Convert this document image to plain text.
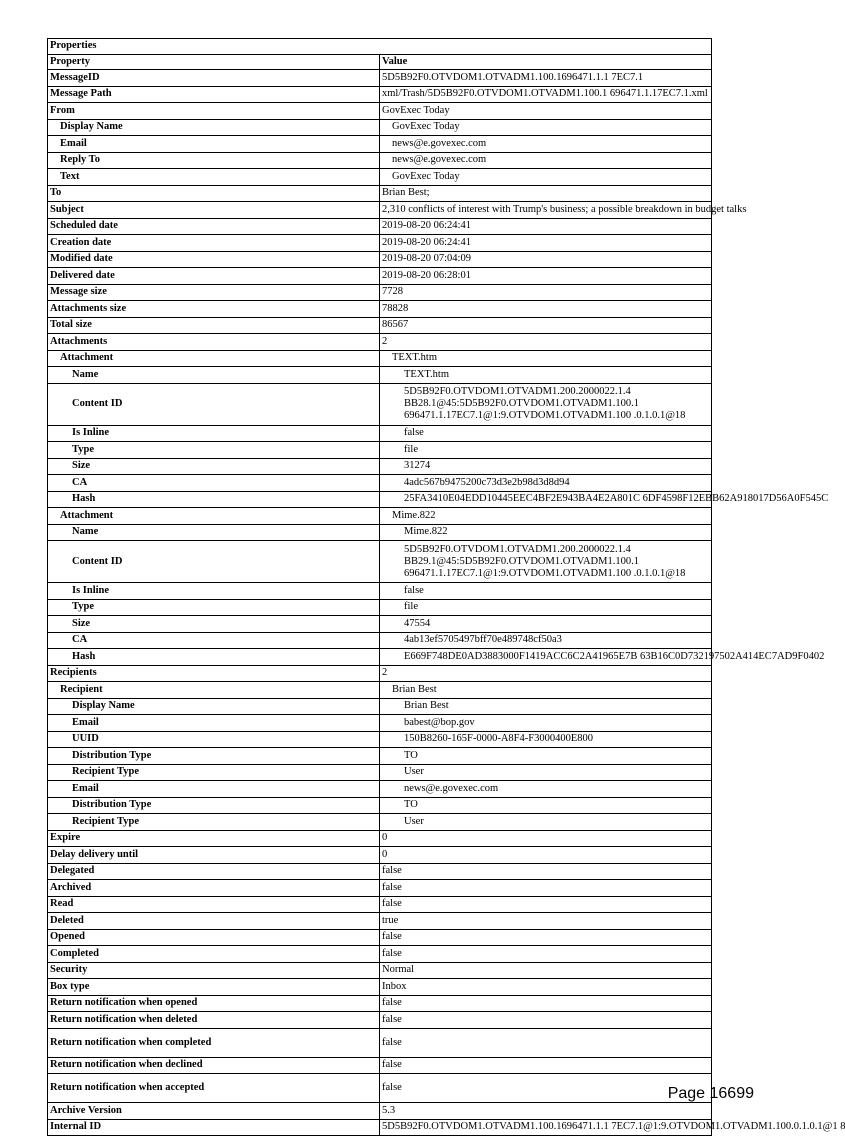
Properties	
Property	Value
MessageID	5D5B92F0.OTVDOM1.OTVADM1.100.1696471.1.1 7EC7.1
Message Path	xml/Trash/5D5B92F0.OTVDOM1.OTVADM1.100.1 696471.1.17EC7.1.xml
From	GovExec Today
Display Name	GovExec Today
Email	news@e.govexec.com
Reply To	news@e.govexec.com
Text	GovExec Today
To	Brian Best;
Subject	2,310 conflicts of interest with Trump's business; a possible breakdown in budget talks
Scheduled date	2019-08-20 06:24:41
Creation date	2019-08-20 06:24:41
Modified date	2019-08-20 07:04:09
Delivered date	2019-08-20 06:28:01
Message size	7728
Attachments size	78828
Total size	86567
Attachments	2
Attachment	TEXT.htm
Name	TEXT.htm
Content ID	5D5B92F0.OTVDOM1.OTVADM1.200.2000022.1.4
BB28.1@45:5D5B92F0.OTVDOM1.OTVADM1.100.1
696471.1.17EC7.1@1:9.OTVDOM1.OTVADM1.100 .0.1.0.1@18
Is Inline	false
Type	file
Size	31274
CA	4adc567b9475200c73d3e2b98d3d8d94
Hash	25FA3410E04EDD10445EEC4BF2E943BA4E2A801C 6DF4598F12EBB62A918017D56A0F545C
Attachment	Mime.822
Name	Mime.822
Content ID	5D5B92F0.OTVDOM1.OTVADM1.200.2000022.1.4
BB29.1@45:5D5B92F0.OTVDOM1.OTVADM1.100.1
696471.1.17EC7.1@1:9.OTVDOM1.OTVADM1.100 .0.1.0.1@18
Is Inline	false
Type	file
Size	47554
CA	4ab13ef5705497bff70e489748cf50a3
Hash	E669F748DE0AD3883000F1419ACC6C2A41965E7B 63B16C0D732197502A414EC7AD9F0402
Recipients	2
Recipient	Brian Best
Display Name	Brian Best
Email	babest@bop.gov
UUID	150B8260-165F-0000-A8F4-F3000400E800
Distribution Type	TO
Recipient Type	User
Email	news@e.govexec.com
Distribution Type	TO
Recipient Type	User
Expire	0
Delay delivery until	0
Delegated	false
Archived	false
Read	false
Deleted	true
Opened	false
Completed	false
Security	Normal
Box type	Inbox
Return notification when opened	false
Return notification when deleted	false
Return notification when completed	false
Return notification when declined	false
Return notification when accepted	false
Archive Version	5.3
Internal ID	5D5B92F0.OTVDOM1.OTVADM1.100.1696471.1.1 7EC7.1@1:9.OTVDOM1.OTVADM1.100.0.1.0.1@1 8
Page 16699
